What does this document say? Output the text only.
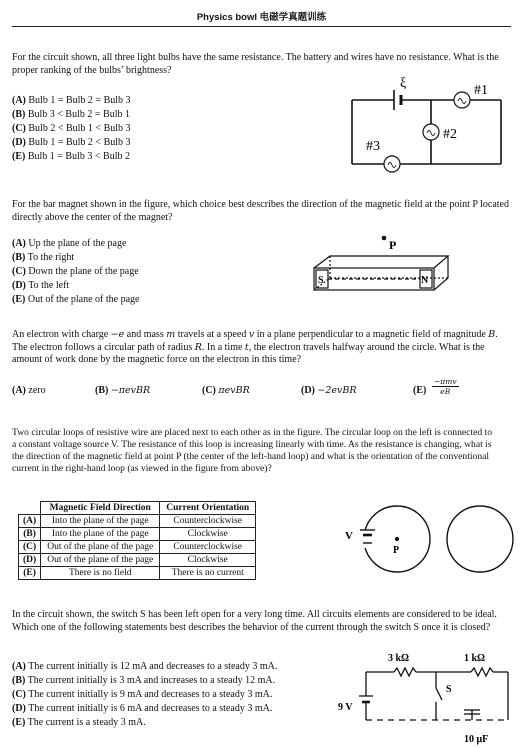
Physics bowl 电磁学真题训练

For the circuit shown, all three light bulbs have the same resistance. The battery and wires have no resistance. What is the proper ranking of the bulbs’ brightness?

(A) Bulb 1 = Bulb 2 = Bulb 3
(B) Bulb 3 < Bulb 2 = Bulb 1
(C) Bulb 2 < Bulb 1 < Bulb 3
(D) Bulb 1 = Bulb 2 < Bulb 3
(E) Bulb 1 = Bulb 3 < Bulb 2
ξ	#1
#2
#3

For the bar magnet shown in the figure, which choice best describes the direction of the magnetic field at the point P located directly above the center of the magnet?

(A) Up the plane of the page
(B) To the right
(C) Down the plane of the page
(D) To the left
(E) Out of the plane of the page
P
S	N

An electron with charge −e and mass m travels at a speed v in a plane perpendicular to a magnetic field of magnitude B. The electron follows a circular path of radius R. In a time t, the electron travels halfway around the circle. What is the amount of work done by the magnetic force on the electron in this time?

(A) zero	(B) −πevBR	(C) πevBR	(D) −2evBR	(E)
−πmv
eB

Two circular loops of resistive wire are placed next to each other as in the figure. The circular loop on the left is connected to a constant voltage source V. The resistance of this loop is increasing linearly with time. As the resistance is changing, what is the direction of the magnetic field at point P (the center of the left-hand loop) and what is the orientation of the conventional current in the right-hand loop (as viewed in the figure from above)?

	Magnetic Field Direction	Current Orientation
(A)	Into the plane of the page	Counterclockwise
(B)	Into the plane of the page	Clockwise
(C)	Out of the plane of the page	Counterclockwise
(D)	Out of the plane of the page	Clockwise
(E)	There is no field	There is no current
V
P

In the circuit shown, the switch S has been left open for a very long time. All circuits elements are considered to be ideal. Which one of the following statements best describes the behavior of the current through the switch S once it is closed?

(A) The current initially is 12 mA and decreases to a steady 3 mA.
(B) The current initially is 3 mA and increases to a steady 12 mA.
(C) The current initially is 9 mA and decreases to a steady 3 mA.
(D) The current initially is 6 mA and decreases to a steady 3 mA.
(E) The current is a steady 3 mA.
3 kΩ	1 kΩ
9 V
S
10 μF
